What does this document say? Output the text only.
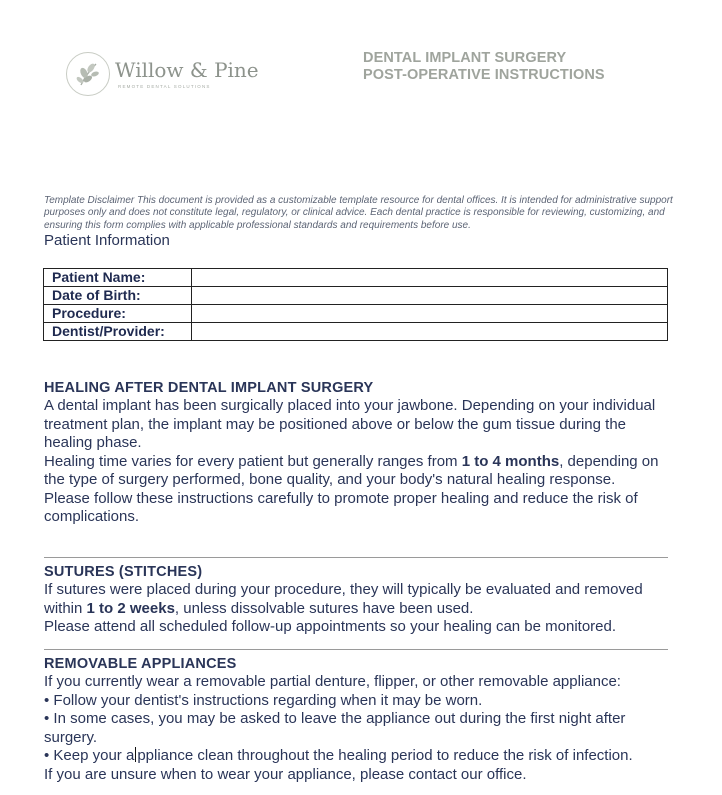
Willow & Pine
REMOTE DENTAL SOLUTIONS
DENTAL IMPLANT SURGERY
POST-OPERATIVE INSTRUCTIONS
Template Disclaimer This document is provided as a customizable template resource for dental offices. It is intended for administrative support purposes only and does not constitute legal, regulatory, or clinical advice. Each dental practice is responsible for reviewing, customizing, and ensuring this form complies with applicable professional standards and requirements before use.
Patient Information
Patient Name:	
Date of Birth:	
Procedure:	
Dentist/Provider:	
HEALING AFTER DENTAL IMPLANT SURGERY

A dental implant has been surgically placed into your jawbone. Depending on your individual treatment plan, the implant may be positioned above or below the gum tissue during the healing phase.

Healing time varies for every patient but generally ranges from 1 to 4 months, depending on the type of surgery performed, bone quality, and your body's natural healing response.

Please follow these instructions carefully to promote proper healing and reduce the risk of complications.

SUTURES (STITCHES)

If sutures were placed during your procedure, they will typically be evaluated and removed within 1 to 2 weeks, unless dissolvable sutures have been used.

Please attend all scheduled follow-up appointments so your healing can be monitored.

REMOVABLE APPLIANCES

If you currently wear a removable partial denture, flipper, or other removable appliance:

• Follow your dentist's instructions regarding when it may be worn.

• In some cases, you may be asked to leave the appliance out during the first night after surgery.

• Keep your a ppliance clean throughout the healing period to reduce the risk of infection.

If you are unsure when to wear your appliance, please contact our office.
